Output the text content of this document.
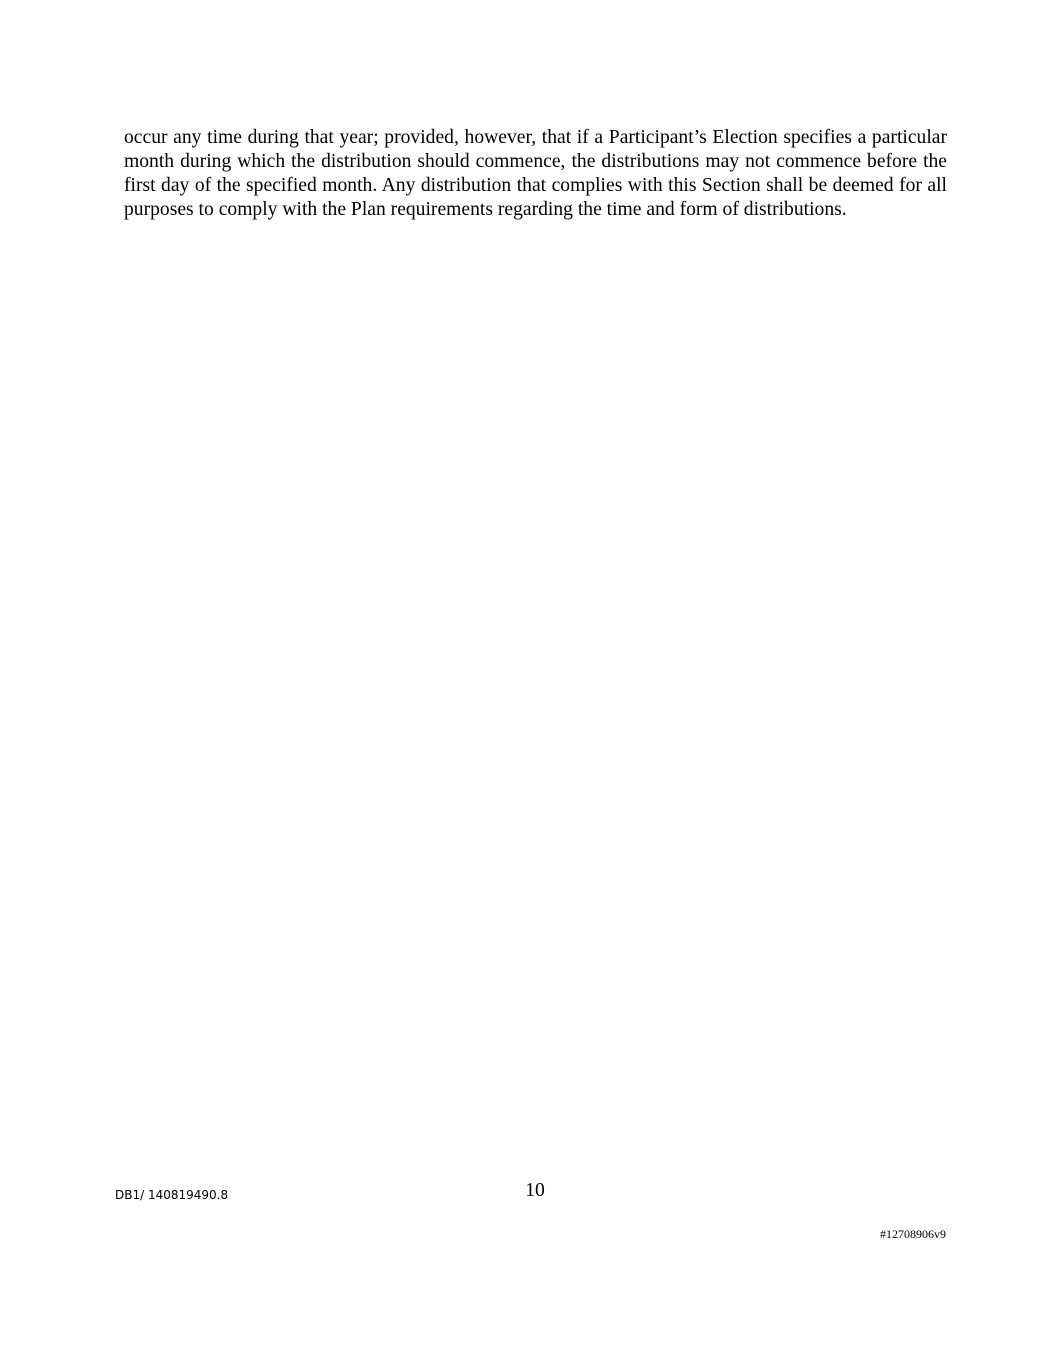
occur any time during that year; provided, however, that if a Participant’s Election specifies a particular month during which the distribution should commence, the distributions may not commence before the first day of the specified month. Any distribution that complies with this Section shall be deemed for all purposes to comply with the Plan requirements regarding the time and form of distributions.

DB1/ 140819490.8	10
#12708906v9
